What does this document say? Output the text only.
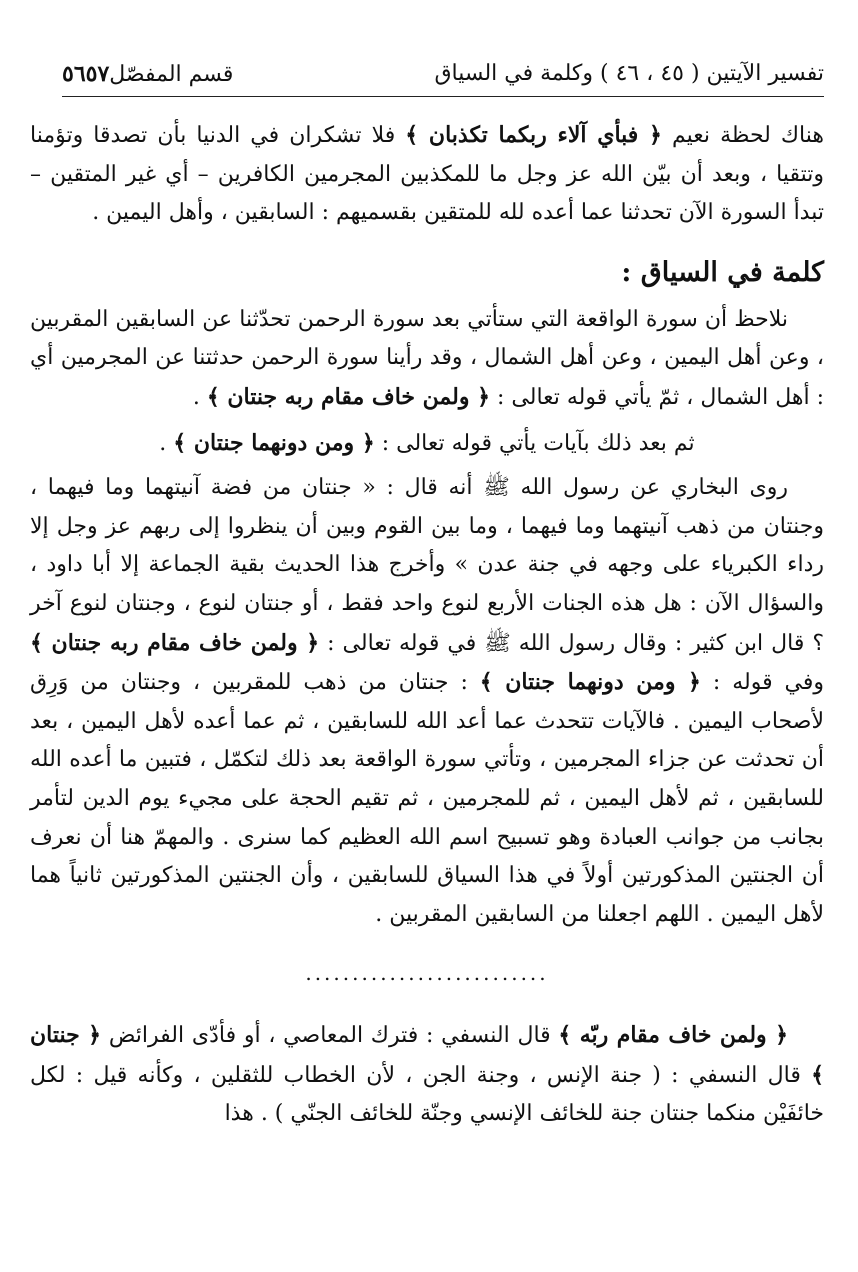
تفسير الآيتين ( ٤٥ ، ٤٦ ) وكلمة في السياق
قسم المفصّل٥٦٥٧

هناك لحظة نعيم ﴿ فبأي آلاء ربكما تكذبان ﴾ فلا تشكران في الدنيا بأن تصدقا وتؤمنا وتتقيا ، وبعد أن بيّن الله عز وجل ما للمكذبين المجرمين الكافرين – أي غير المتقين – تبدأ السورة الآن تحدثنا عما أعده لله للمتقين بقسميهم : السابقين ، وأهل اليمين .

كلمة في السياق :

نلاحظ أن سورة الواقعة التي ستأتي بعد سورة الرحمن تحدّثنا عن السابقين المقربين ، وعن أهل اليمين ، وعن أهل الشمال ، وقد رأينا سورة الرحمن حدثتنا عن المجرمين أي : أهل الشمال ، ثمّ يأتي قوله تعالى : ﴿ ولمن خاف مقام ربه جنتان ﴾ .

ثم بعد ذلك بآيات يأتي قوله تعالى : ﴿ ومن دونهما جنتان ﴾ .

روى البخاري عن رسول الله ﷺ أنه قال : « جنتان من فضة آنيتهما وما فيهما ، وجنتان من ذهب آنيتهما وما فيهما ، وما بين القوم وبين أن ينظروا إلى ربهم عز وجل إلا رداء الكبرياء على وجهه في جنة عدن » وأخرج هذا الحديث بقية الجماعة إلا أبا داود ، والسؤال الآن : هل هذه الجنات الأربع لنوع واحد فقط ، أو جنتان لنوع ، وجنتان لنوع آخر ؟ قال ابن كثير : وقال رسول الله ﷺ في قوله تعالى : ﴿ ولمن خاف مقام ربه جنتان ﴾ وفي قوله : ﴿ ومن دونهما جنتان ﴾ : جنتان من ذهب للمقربين ، وجنتان من وَرِق لأصحاب اليمين . فالآيات تتحدث عما أعد الله للسابقين ، ثم عما أعده لأهل اليمين ، بعد أن تحدثت عن جزاء المجرمين ، وتأتي سورة الواقعة بعد ذلك لتكمّل ، فتبين ما أعده الله للسابقين ، ثم لأهل اليمين ، ثم للمجرمين ، ثم تقيم الحجة على مجيء يوم الدين لتأمر بجانب من جوانب العبادة وهو تسبيح اسم الله العظيم كما سنرى . والمهمّ هنا أن نعرف أن الجنتين المذكورتين أولاً في هذا السياق للسابقين ، وأن الجنتين المذكورتين ثانياً هما لأهل اليمين . اللهم اجعلنا من السابقين المقربين .

..........................

﴿ ولمن خاف مقام ربّه ﴾ قال النسفي : فترك المعاصي ، أو فأدّى الفرائض ﴿ جنتان ﴾ قال النسفي : ( جنة الإنس ، وجنة الجن ، لأن الخطاب للثقلين ، وكأنه قيل : لكل خائفَيْن منكما جنتان جنة للخائف الإنسي وجنّة للخائف الجنّي ) . هذا
